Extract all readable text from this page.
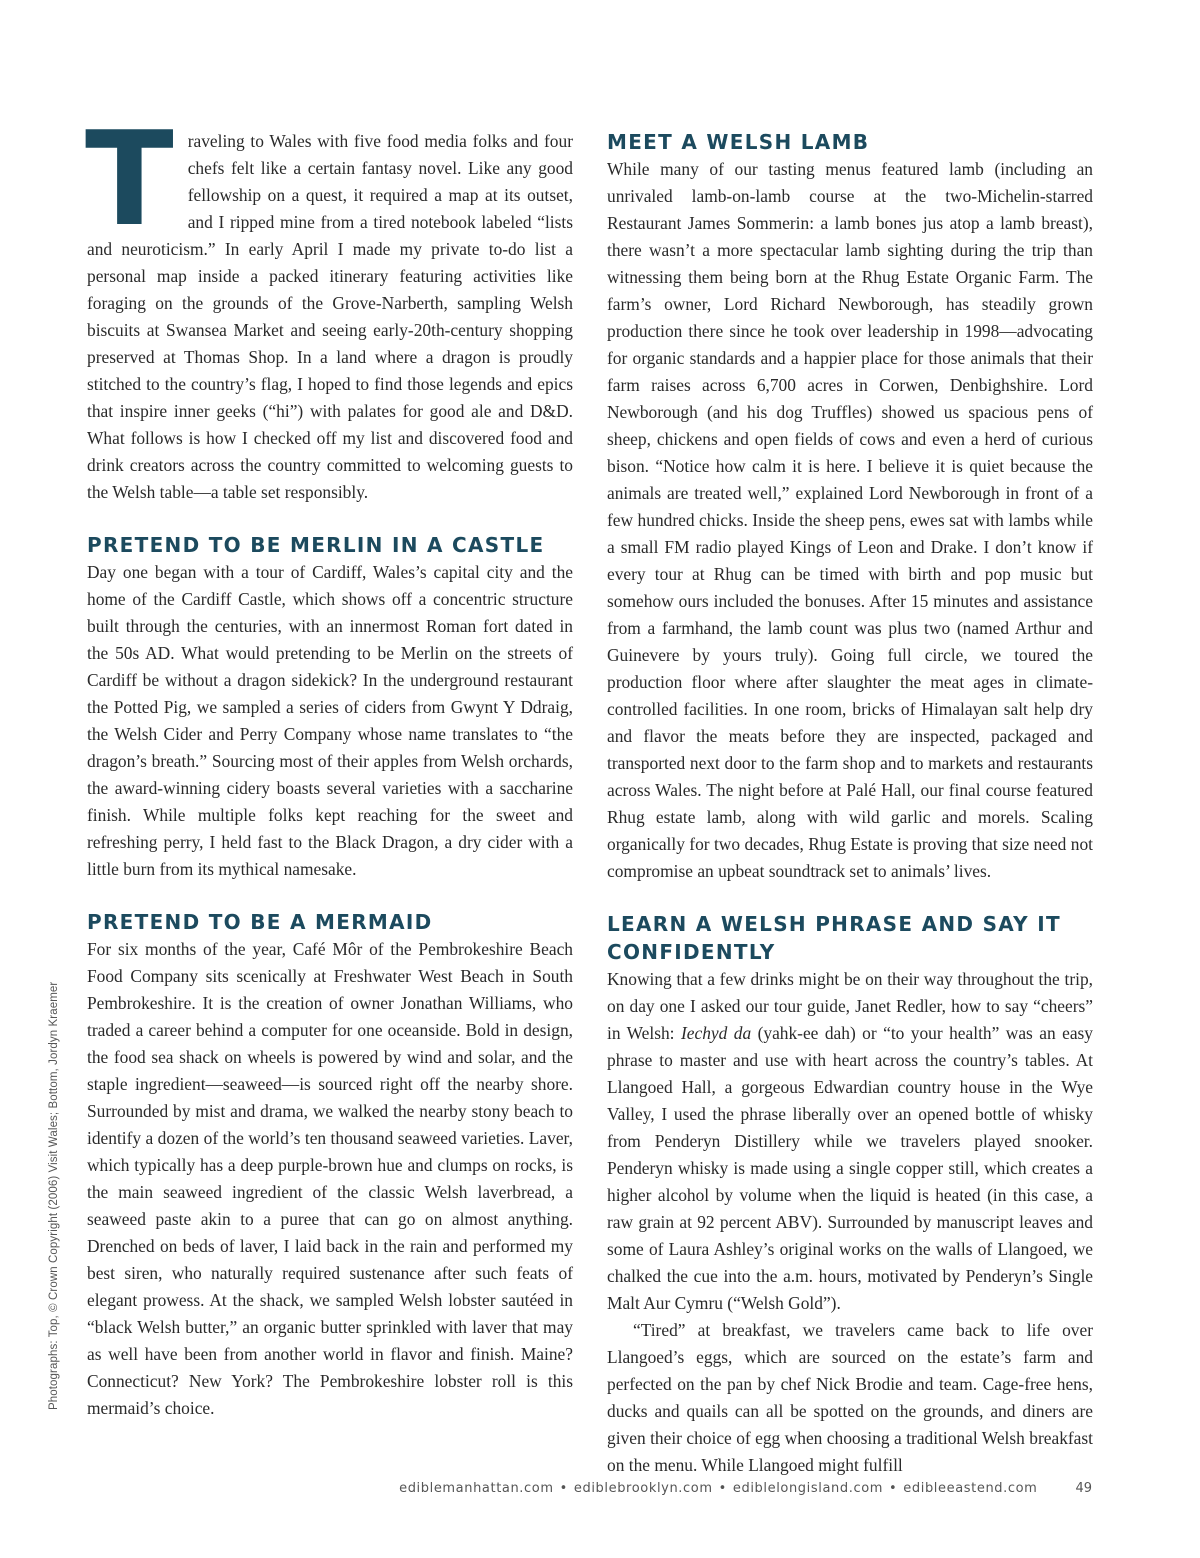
Traveling to Wales with five food media folks and four chefs felt like a certain fantasy novel. Like any good fellowship on a quest, it required a map at its outset, and I ripped mine from a tired notebook labeled “lists and neuroticism.” In early April I made my private to-do list a personal map inside a packed itinerary featuring activities like foraging on the grounds of the Grove-Narberth, sampling Welsh biscuits at Swansea Market and seeing early-20th-century shopping preserved at Thomas Shop. In a land where a dragon is proudly stitched to the country’s flag, I hoped to find those legends and epics that inspire inner geeks (“hi”) with palates for good ale and D&D. What follows is how I checked off my list and discovered food and drink creators across the country committed to welcoming guests to the Welsh table—a table set responsibly.

PRETEND TO BE MERLIN IN A CASTLE

Day one began with a tour of Cardiff, Wales’s capital city and the home of the Cardiff Castle, which shows off a concentric structure built through the centuries, with an innermost Roman fort dated in the 50s AD. What would pretending to be Merlin on the streets of Cardiff be without a dragon sidekick? In the underground restaurant the Potted Pig, we sampled a series of ciders from Gwynt Y Ddraig, the Welsh Cider and Perry Company whose name translates to “the dragon’s breath.” Sourcing most of their apples from Welsh orchards, the award-winning cidery boasts several varieties with a saccharine finish. While multiple folks kept reaching for the sweet and refreshing perry, I held fast to the Black Dragon, a dry cider with a little burn from its mythical namesake.

PRETEND TO BE A MERMAID

For six months of the year, Café Môr of the Pembrokeshire Beach Food Company sits scenically at Freshwater West Beach in South Pembrokeshire. It is the creation of owner Jonathan Williams, who traded a career behind a computer for one oceanside. Bold in design, the food sea shack on wheels is powered by wind and solar, and the staple ingredient—seaweed—is sourced right off the nearby shore. Surrounded by mist and drama, we walked the nearby stony beach to identify a dozen of the world’s ten thousand seaweed varieties. Laver, which typically has a deep purple-brown hue and clumps on rocks, is the main seaweed ingredient of the classic Welsh laverbread, a seaweed paste akin to a puree that can go on almost anything. Drenched on beds of laver, I laid back in the rain and performed my best siren, who naturally required sustenance after such feats of elegant prowess. At the shack, we sampled Welsh lobster sautéed in “black Welsh butter,” an organic butter sprinkled with laver that may as well have been from another world in flavor and finish. Maine? Connecticut? New York? The Pembrokeshire lobster roll is this mermaid’s choice.

MEET A WELSH LAMB

While many of our tasting menus featured lamb (including an unrivaled lamb-on-lamb course at the two-Michelin-starred Restaurant James Sommerin: a lamb bones jus atop a lamb breast), there wasn’t a more spectacular lamb sighting during the trip than witnessing them being born at the Rhug Estate Organic Farm. The farm’s owner, Lord Richard Newborough, has steadily grown production there since he took over leadership in 1998—advocating for organic standards and a happier place for those animals that their farm raises across 6,700 acres in Corwen, Denbighshire. Lord Newborough (and his dog Truffles) showed us spacious pens of sheep, chickens and open fields of cows and even a herd of curious bison. “Notice how calm it is here. I believe it is quiet because the animals are treated well,” explained Lord Newborough in front of a few hundred chicks. Inside the sheep pens, ewes sat with lambs while a small FM radio played Kings of Leon and Drake. I don’t know if every tour at Rhug can be timed with birth and pop music but somehow ours included the bonuses. After 15 minutes and assistance from a farmhand, the lamb count was plus two (named Arthur and Guinevere by yours truly). Going full circle, we toured the production floor where after slaughter the meat ages in climate-controlled facilities. In one room, bricks of Himalayan salt help dry and flavor the meats before they are inspected, packaged and transported next door to the farm shop and to markets and restaurants across Wales. The night before at Palé Hall, our final course featured Rhug estate lamb, along with wild garlic and morels. Scaling organically for two decades, Rhug Estate is proving that size need not compromise an upbeat soundtrack set to animals’ lives.

LEARN A WELSH PHRASE AND SAY IT CONFIDENTLY

Knowing that a few drinks might be on their way throughout the trip, on day one I asked our tour guide, Janet Redler, how to say “cheers” in Welsh: Iechyd da (yahk-ee dah) or “to your health” was an easy phrase to master and use with heart across the country’s tables. At Llangoed Hall, a gorgeous Edwardian country house in the Wye Valley, I used the phrase liberally over an opened bottle of whisky from Penderyn Distillery while we travelers played snooker. Penderyn whisky is made using a single copper still, which creates a higher alcohol by volume when the liquid is heated (in this case, a raw grain at 92 percent ABV). Surrounded by manuscript leaves and some of Laura Ashley’s original works on the walls of Llangoed, we chalked the cue into the a.m. hours, motivated by Penderyn’s Single Malt Aur Cymru (“Welsh Gold”).

“Tired” at breakfast, we travelers came back to life over Llangoed’s eggs, which are sourced on the estate’s farm and perfected on the pan by chef Nick Brodie and team. Cage-free hens, ducks and quails can all be spotted on the grounds, and diners are given their choice of egg when choosing a traditional Welsh breakfast on the menu. While Llangoed might fulfill

Photographs: Top, © Crown Copyright (2006) Visit Wales; Bottom, Jordyn Kraemer
ediblemanhattan.com • ediblebrooklyn.com • ediblelongisland.com • edibleeastend.com	49
